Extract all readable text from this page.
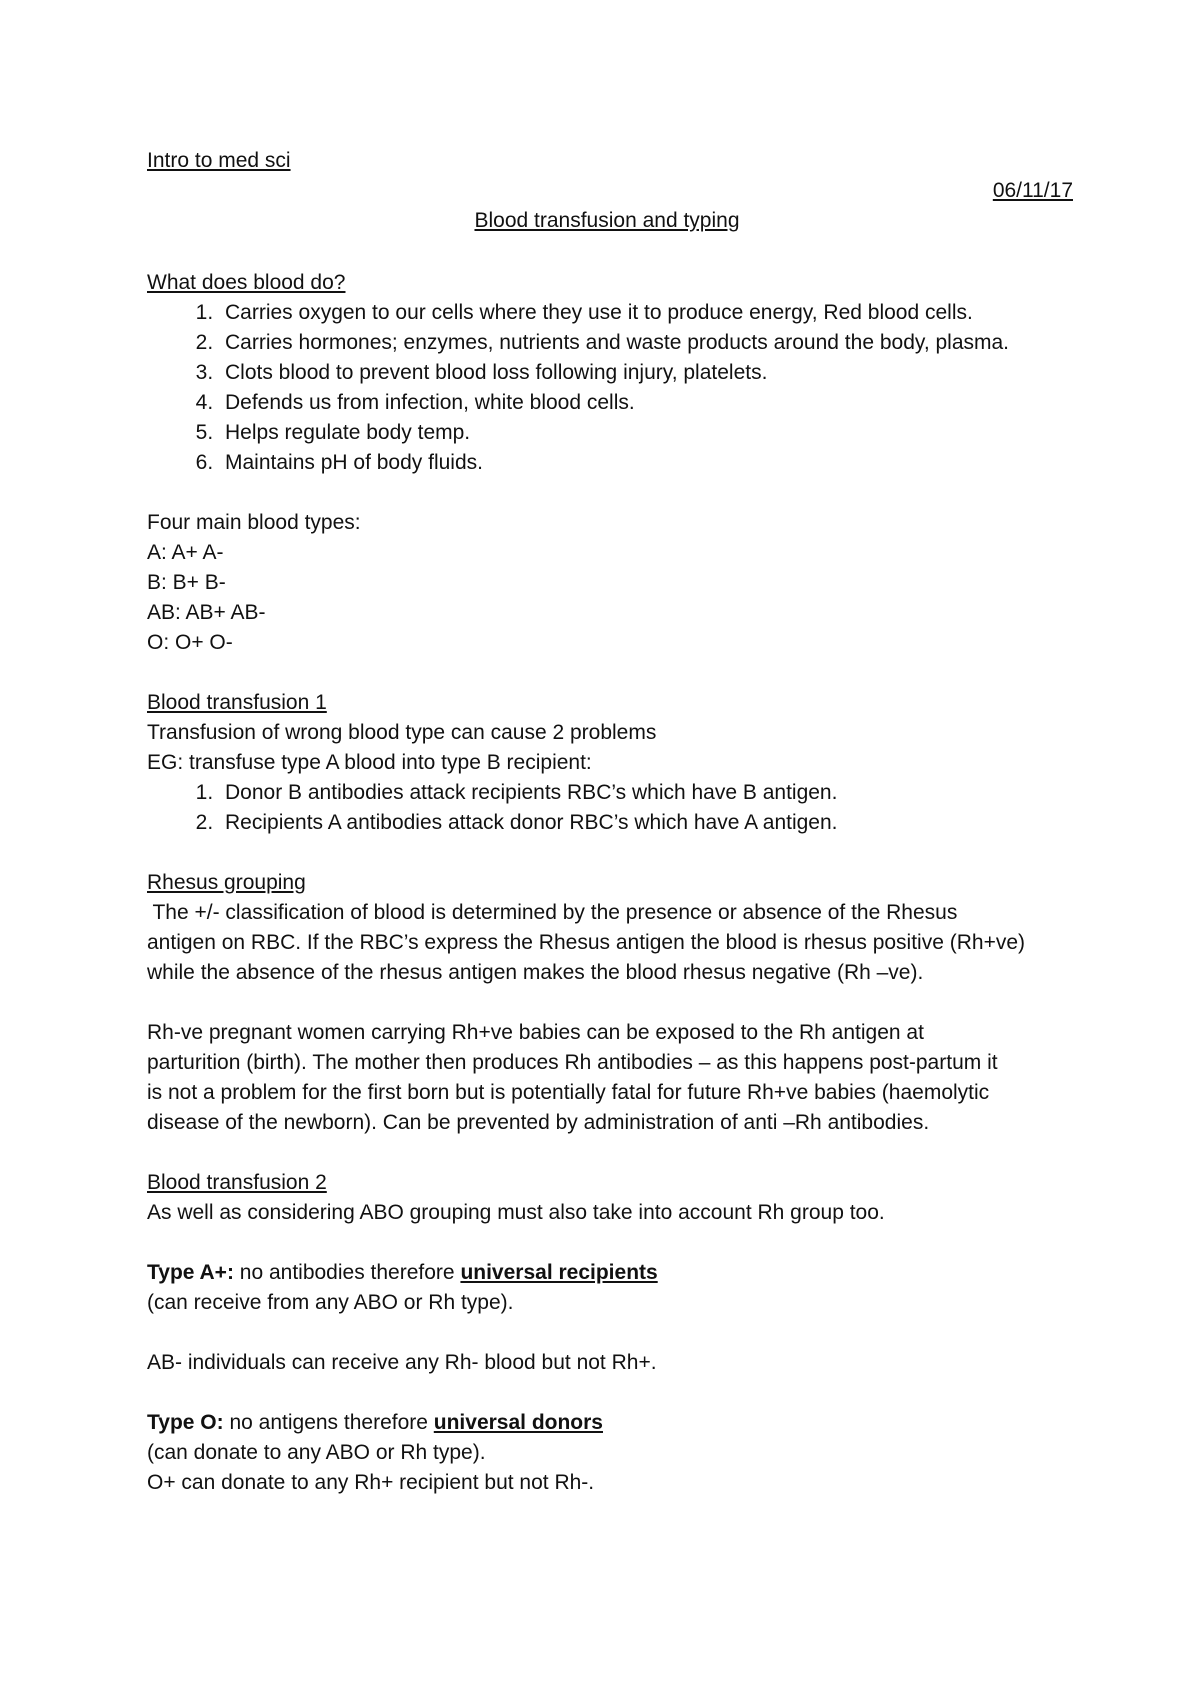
Intro to med sci

06/11/17

Blood transfusion and typing

What does blood do?

1. Carries oxygen to our cells where they use it to produce energy, Red blood cells.
2. Carries hormones; enzymes, nutrients and waste products around the body, plasma.
3. Clots blood to prevent blood loss following injury, platelets.
4. Defends us from infection, white blood cells.
5. Helps regulate body temp.
6. Maintains pH of body fluids.

Four main blood types:

A: A+ A-

B: B+ B-

AB: AB+ AB-

O: O+ O-

Blood transfusion 1

Transfusion of wrong blood type can cause 2 problems

EG: transfuse type A blood into type B recipient:

1. Donor B antibodies attack recipients RBC’s which have B antigen.
2. Recipients A antibodies attack donor RBC’s which have A antigen.

Rhesus grouping

The +/- classification of blood is determined by the presence or absence of the Rhesus

antigen on RBC. If the RBC’s express the Rhesus antigen the blood is rhesus positive (Rh+ve)

while the absence of the rhesus antigen makes the blood rhesus negative (Rh –ve).

Rh-ve pregnant women carrying Rh+ve babies can be exposed to the Rh antigen at

parturition (birth). The mother then produces Rh antibodies – as this happens post-partum it

is not a problem for the first born but is potentially fatal for future Rh+ve babies (haemolytic

disease of the newborn). Can be prevented by administration of anti –Rh antibodies.

Blood transfusion 2

As well as considering ABO grouping must also take into account Rh group too.

Type A+: no antibodies therefore universal recipients

(can receive from any ABO or Rh type).

AB- individuals can receive any Rh- blood but not Rh+.

Type O: no antigens therefore universal donors

(can donate to any ABO or Rh type).

O+ can donate to any Rh+ recipient but not Rh-.
